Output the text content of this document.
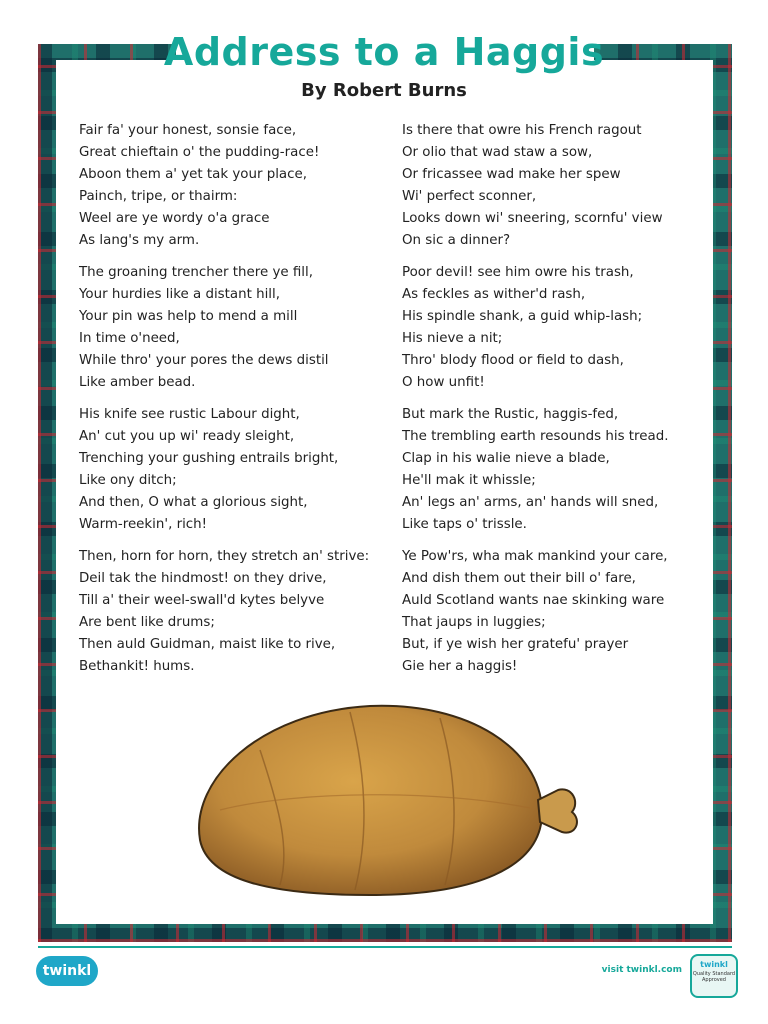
Address to a Haggis
By Robert Burns
Fair fa' your honest, sonsie face,
Great chieftain o' the pudding-race!
Aboon them a' yet tak your place,
Painch, tripe, or thairm:
Weel are ye wordy o'a grace
As lang's my arm.
The groaning trencher there ye fill,
Your hurdies like a distant hill,
Your pin was help to mend a mill
In time o'need,
While thro' your pores the dews distil
Like amber bead.
His knife see rustic Labour dight,
An' cut you up wi' ready sleight,
Trenching your gushing entrails bright,
Like ony ditch;
And then, O what a glorious sight,
Warm-reekin', rich!
Then, horn for horn, they stretch an' strive:
Deil tak the hindmost! on they drive,
Till a' their weel-swall'd kytes belyve
Are bent like drums;
Then auld Guidman, maist like to rive,
Bethankit! hums.
Is there that owre his French ragout
Or olio that wad staw a sow,
Or fricassee wad make her spew
Wi' perfect sconner,
Looks down wi' sneering, scornfu' view
On sic a dinner?
Poor devil! see him owre his trash,
As feckles as wither'd rash,
His spindle shank, a guid whip-lash;
His nieve a nit;
Thro' blody flood or field to dash,
O how unfit!
But mark the Rustic, haggis-fed,
The trembling earth resounds his tread.
Clap in his walie nieve a blade,
He'll mak it whissle;
An' legs an' arms, an' hands will sned,
Like taps o' trissle.
Ye Pow'rs, wha mak mankind your care,
And dish them out their bill o' fare,
Auld Scotland wants nae skinking ware
That jaups in luggies;
But, if ye wish her gratefu' prayer
Gie her a haggis!
twinkl	visit twinkl.com
twinkl
Quality Standard Approved
